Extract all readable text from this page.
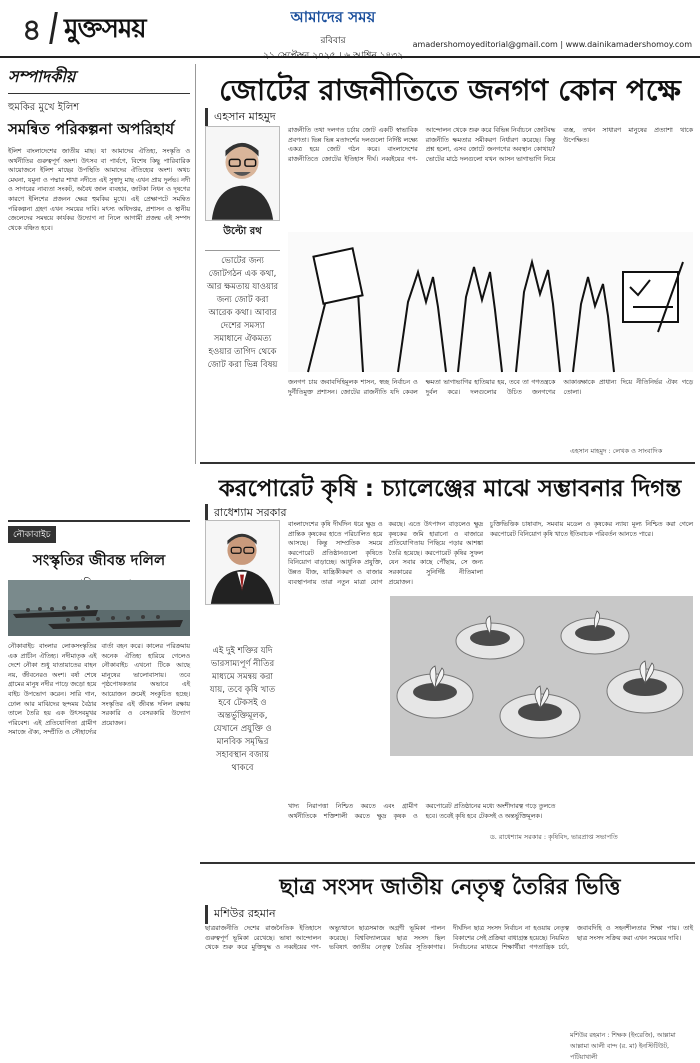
৪ মুক্তসময়	আমাদের সময়
রবিবার
২১ সেপ্টেম্বর ২০২৫ । ৬ আশ্বিন ১৪৩২
amadershomoyeditorial@gmail.com | www.dainikamadershomoy.com
সম্পাদকীয়
হুমকির মুখে ইলিশ
সমন্বিত পরিকল্পনা অপরিহার্য
ইলিশ বাংলাদেশের জাতীয় মাছ। যা আমাদের ঐতিহ্য, সংস্কৃতি ও অর্থনীতির গুরুত্বপূর্ণ অংশ। উৎসব বা পার্বণে, বিশেষ কিছু পারিবারিক আয়োজনে ইলিশ মাছের উপস্থিতি আমাদের ঐতিহ্যের অংশ। অথচ মেঘনা, যমুনা ও পদ্মার শাখা নদীতে এই সুস্বাদু মাছ এখন প্রায় দুর্লভ। নদী ও সাগরের নাব্যতা সংকট, অবৈধ জাল ব্যবহার, জাটকা নিধন ও দূষণের কারণে ইলিশের প্রজনন ক্ষেত্র হুমকির মুখে। এই প্রেক্ষাপটে সমন্বিত পরিকল্পনা গ্রহণ এখন সময়ের দাবি। মৎস্য অধিদপ্তর, প্রশাসন ও স্থানীয় জেলেদের সমন্বয়ে কার্যকর উদ্যোগ না নিলে আগামী প্রজন্ম এই সম্পদ থেকে বঞ্চিত হবে।
নৌকাবাইচ
সংস্কৃতির জীবন্ত দলিল
নৌকাবাইচ বাংলার লোকসংস্কৃতির এক প্রাচীন ঐতিহ্য। নদীমাতৃক এই দেশে নৌকা শুধু যাতায়াতের বাহন নয়, জীবনেরও অংশ। বর্ষা শেষে গ্রামের মানুষ নদীর পাড়ে জড়ো হয়ে বাইচ উপভোগ করেন। সারি গান, ঢোল আর মাঝিদের ছন্দময় বৈঠার তালে তৈরি হয় এক উৎসবমুখর পরিবেশ। এই প্রতিযোগিতা গ্রামীণ সমাজে ঐক্য, সম্প্রীতি ও সৌহার্দ্যের বার্তা বহন করে। কালের পরিক্রমায় অনেক ঐতিহ্য হারিয়ে গেলেও নৌকাবাইচ এখনো টিকে আছে মানুষের ভালোবাসায়। তবে পৃষ্ঠপোষকতার অভাবে এই আয়োজন ক্রমেই সংকুচিত হচ্ছে। সংস্কৃতির এই জীবন্ত দলিল রক্ষায় সরকারি ও বেসরকারি উদ্যোগ প্রয়োজন।
জোটের রাজনীতিতে জনগণ কোন পক্ষে
এহসান মাহমুদ
উল্টো রথ
ভোটের জন্য জোটগঠন এক কথা, আর ক্ষমতায় যাওয়ার জন্য জোট করা আরেক কথা। আবার দেশের সমস্যা সমাধানে ঐকমত্য হওয়ার তাগিদ থেকে জোট করা ভিন্ন বিষয়
রাজনীতি তথা দলগত চর্চায় জোট একটি স্বাভাবিক প্রবণতা। ভিন্ন ভিন্ন মতাদর্শের দলগুলো নির্দিষ্ট লক্ষ্যে একত্র হয়ে জোট গঠন করে। বাংলাদেশের রাজনীতিতে জোটের ইতিহাস দীর্ঘ। নব্বইয়ের গণ-আন্দোলন থেকে শুরু করে বিভিন্ন নির্বাচনে জোটবদ্ধ রাজনীতি ক্ষমতার সমীকরণ নির্ধারণ করেছে। কিন্তু প্রশ্ন হলো, এসব জোটে জনগণের অবস্থান কোথায়? ভোটের মাঠে দলগুলো যখন আসন ভাগাভাগি নিয়ে ব্যস্ত, তখন সাধারণ মানুষের প্রত্যাশা থাকে উপেক্ষিত।
জনগণ চায় জবাবদিহিমূলক শাসন, স্বচ্ছ নির্বাচন ও দুর্নীতিমুক্ত প্রশাসন। জোটের রাজনীতি যদি কেবল ক্ষমতা ভাগাভাগির হাতিয়ার হয়, তবে তা গণতন্ত্রকে দুর্বল করে। দলগুলোর উচিত জনগণের আকাঙ্ক্ষাকে প্রাধান্য দিয়ে নীতিনির্ভর ঐক্য গড়ে তোলা।
এহসান মাহমুদ : লেখক ও সাংবাদিক
করপোরেট কৃষি : চ্যালেঞ্জের মাঝে সম্ভাবনার দিগন্ত
রাধেশ্যাম সরকার
এই দুই শক্তির যদি ভারসাম্যপূর্ণ নীতির মাধ্যমে সমন্বয় করা যায়, তবে কৃষি খাত হবে টেকসই ও অন্তর্ভুক্তিমূলক, যেখানে প্রযুক্তি ও মানবিক সমৃদ্ধির সহাবস্থান বজায় থাকবে
বাংলাদেশের কৃষি দীর্ঘদিন ধরে ক্ষুদ্র ও প্রান্তিক কৃষকের হাতে পরিচালিত হয়ে আসছে। কিন্তু সাম্প্রতিক সময়ে করপোরেট প্রতিষ্ঠানগুলো কৃষিতে বিনিয়োগ বাড়াচ্ছে। আধুনিক প্রযুক্তি, উন্নত বীজ, যান্ত্রিকীকরণ ও বাজার ব্যবস্থাপনায় তারা নতুন মাত্রা যোগ করছে। এতে উৎপাদন বাড়লেও ক্ষুদ্র কৃষকের জমি হারানো ও বাজারে প্রতিযোগিতায় পিছিয়ে পড়ার আশঙ্কা তৈরি হয়েছে। করপোরেট কৃষির সুফল যেন সবার কাছে পৌঁছায়, সে জন্য সরকারের সুনির্দিষ্ট নীতিমালা প্রয়োজন।
চুক্তিভিত্তিক চাষাবাদ, সমবায় মডেল ও কৃষকের ন্যায্য মূল্য নিশ্চিত করা গেলে করপোরেট বিনিয়োগ কৃষি খাতে ইতিবাচক পরিবর্তন আনতে পারে।
খাদ্য নিরাপত্তা নিশ্চিত করতে এবং গ্রামীণ অর্থনীতিকে শক্তিশালী করতে ক্ষুদ্র কৃষক ও করপোরেট প্রতিষ্ঠানের মধ্যে অংশীদারত্ব গড়ে তুলতে হবে। তবেই কৃষি হবে টেকসই ও অন্তর্ভুক্তিমূলক।
ড. রাধেশ্যাম সরকার : কৃষিবিদ, ভারপ্রাপ্ত সভাপতি
ছাত্র সংসদ জাতীয় নেতৃত্ব তৈরির ভিত্তি
মশিউর রহমান
ছাত্ররাজনীতি দেশের রাজনৈতিক ইতিহাসে গুরুত্বপূর্ণ ভূমিকা রেখেছে। ভাষা আন্দোলন থেকে শুরু করে মুক্তিযুদ্ধ ও নব্বইয়ের গণ-অভ্যুত্থানে ছাত্রসমাজ অগ্রণী ভূমিকা পালন করেছে। বিশ্ববিদ্যালয়ের ছাত্র সংসদ ছিল ভবিষ্যৎ জাতীয় নেতৃত্ব তৈরির সূতিকাগার। দীর্ঘদিন ছাত্র সংসদ নির্বাচন না হওয়ায় নেতৃত্ব বিকাশের সেই প্রক্রিয়া বাধাগ্রস্ত হয়েছে। নিয়মিত নির্বাচনের মাধ্যমে শিক্ষার্থীরা গণতান্ত্রিক চর্চা, জবাবদিহি ও সহনশীলতার শিক্ষা পায়। তাই ছাত্র সংসদ সক্রিয় করা এখন সময়ের দাবি।
মশিউর রহমান : শিক্ষক (ইংরেজি), আল্লামা আল্লামা আলী বান্দ (র. মা) ইনস্টিটিউট, পটিয়াখালী
